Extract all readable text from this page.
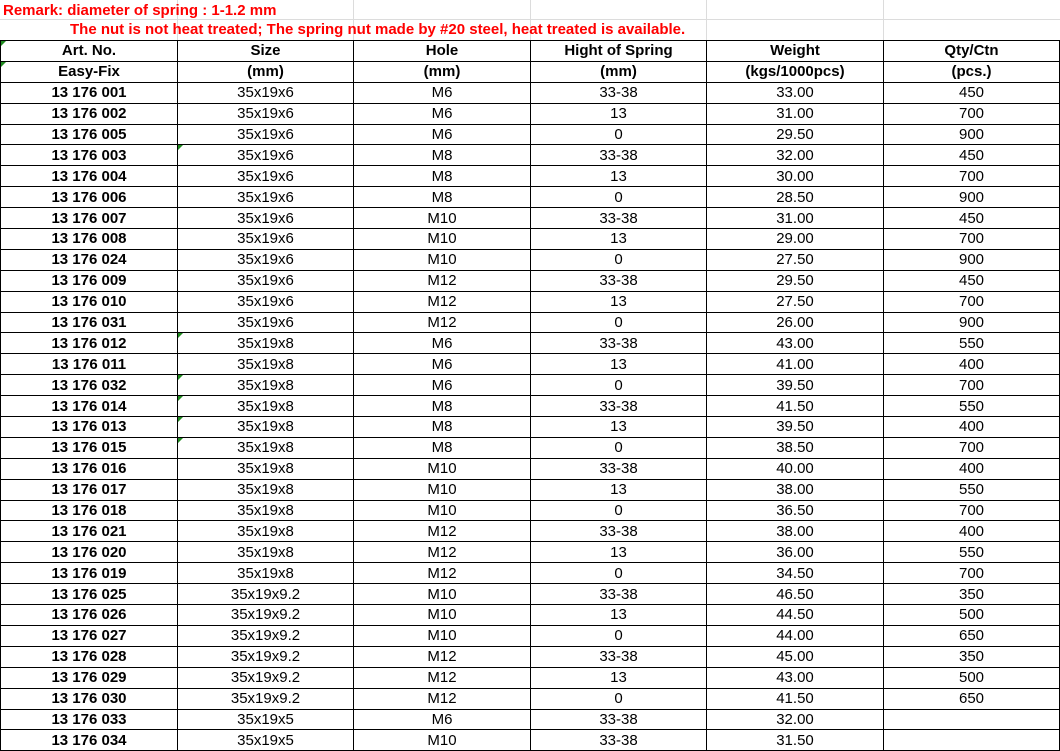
Remark: diameter of spring : 1-1.2 mm
The nut is not heat treated; The spring nut made by #20 steel, heat treated is available.
Art. No.	Size	Hole	Hight of Spring	Weight	Qty/Ctn
Easy-Fix	(mm)	(mm)	(mm)	(kgs/1000pcs)	(pcs.)
13 176 001	35x19x6	M6	33-38	33.00	450
13 176 002	35x19x6	M6	13	31.00	700
13 176 005	35x19x6	M6	0	29.50	900
13 176 003	35x19x6	M8	33-38	32.00	450
13 176 004	35x19x6	M8	13	30.00	700
13 176 006	35x19x6	M8	0	28.50	900
13 176 007	35x19x6	M10	33-38	31.00	450
13 176 008	35x19x6	M10	13	29.00	700
13 176 024	35x19x6	M10	0	27.50	900
13 176 009	35x19x6	M12	33-38	29.50	450
13 176 010	35x19x6	M12	13	27.50	700
13 176 031	35x19x6	M12	0	26.00	900
13 176 012	35x19x8	M6	33-38	43.00	550
13 176 011	35x19x8	M6	13	41.00	400
13 176 032	35x19x8	M6	0	39.50	700
13 176 014	35x19x8	M8	33-38	41.50	550
13 176 013	35x19x8	M8	13	39.50	400
13 176 015	35x19x8	M8	0	38.50	700
13 176 016	35x19x8	M10	33-38	40.00	400
13 176 017	35x19x8	M10	13	38.00	550
13 176 018	35x19x8	M10	0	36.50	700
13 176 021	35x19x8	M12	33-38	38.00	400
13 176 020	35x19x8	M12	13	36.00	550
13 176 019	35x19x8	M12	0	34.50	700
13 176 025	35x19x9.2	M10	33-38	46.50	350
13 176 026	35x19x9.2	M10	13	44.50	500
13 176 027	35x19x9.2	M10	0	44.00	650
13 176 028	35x19x9.2	M12	33-38	45.00	350
13 176 029	35x19x9.2	M12	13	43.00	500
13 176 030	35x19x9.2	M12	0	41.50	650
13 176 033	35x19x5	M6	33-38	32.00	
13 176 034	35x19x5	M10	33-38	31.50	
